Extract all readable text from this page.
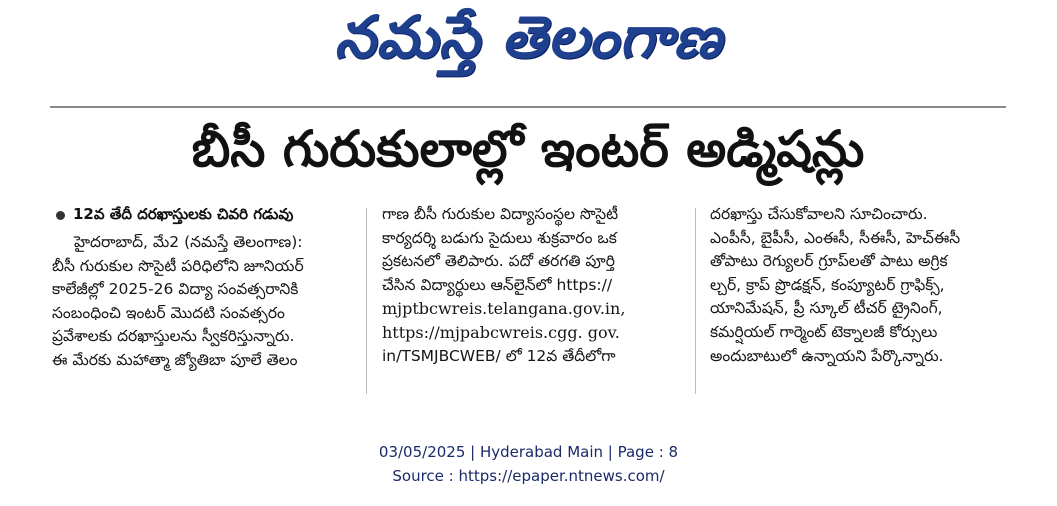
నమస్తే తెలంగాణ
బీసీ గురుకులాల్లో ఇంటర్ అడ్మిషన్లు
12వ తేదీ దరఖాస్తులకు చివరి గడువు

హైదరాబాద్, మే2 (నమస్తే తెలంగాణ):

బీసీ గురుకుల సొసైటీ పరిధిలోని జూనియర్

కాలేజీల్లో 2025-26 విద్యా సంవత్సరానికి

సంబంధించి ఇంటర్ మొదటి సంవత్సరం

ప్రవేశాలకు దరఖాస్తులను స్వీకరిస్తున్నారు.

ఈ మేరకు మహాత్మా జ్యోతిబా పూలే తెలం

గాణ బీసీ గురుకుల విద్యాసంస్థల సొసైటీ

కార్యదర్శి బడుగు సైదులు శుక్రవారం ఒక

ప్రకటనలో తెలిపారు. పదో తరగతి పూర్తి

చేసిన విద్యార్థులు ఆన్‌లైన్‌లో https://

mjptbcwreis.telangana.gov.in,

https://mjpabcwreis.cgg. gov.

in/TSMJBCWEB/ లో 12వ తేదీలోగా

దరఖాస్తు చేసుకోవాలని సూచించారు.

ఎంపీసీ, బైపీసీ, ఎంఈసీ, సీఈసీ, హెచ్‌ఈసీ

తోపాటు రెగ్యులర్ గ్రూప్‌లతో పాటు అగ్రిక

ల్చర్, క్రాప్ ప్రొడక్షన్, కంప్యూటర్ గ్రాఫిక్స్,

యానిమేషన్, ప్రీ స్కూల్ టీచర్ ట్రైనింగ్,

కమర్షియల్ గార్మెంట్ టెక్నాలజీ కోర్సులు

అందుబాటులో ఉన్నాయని పేర్కొన్నారు.

03/05/2025 | Hyderabad Main | Page : 8
Source : https://epaper.ntnews.com/
